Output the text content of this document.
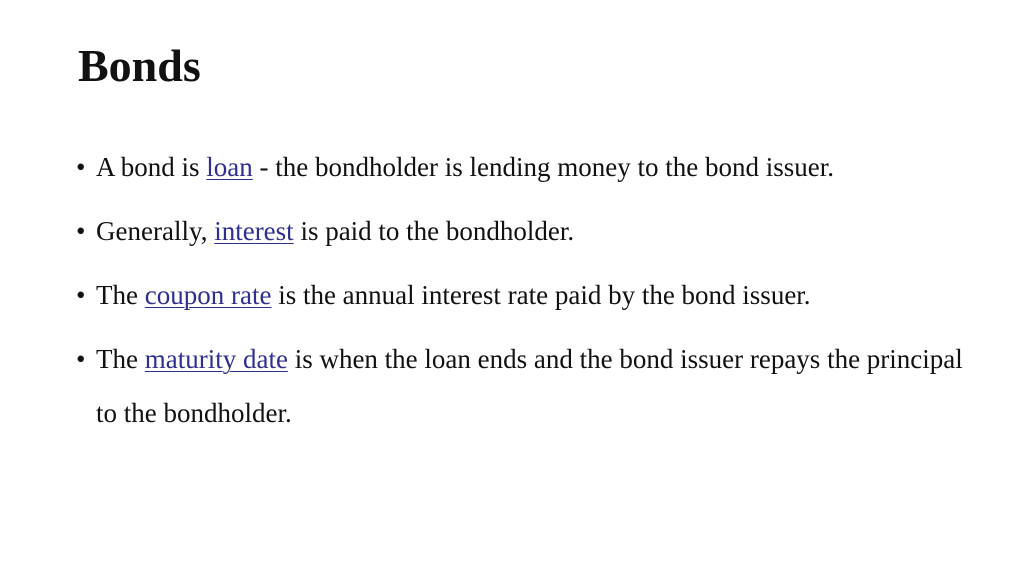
Bonds
• A bond is loan - the bondholder is lending money to the bond issuer.
• Generally, interest is paid to the bondholder.
• The coupon rate is the annual interest rate paid by the bond issuer.
• The maturity date is when the loan ends and the bond issuer repays the principal to the bondholder.
